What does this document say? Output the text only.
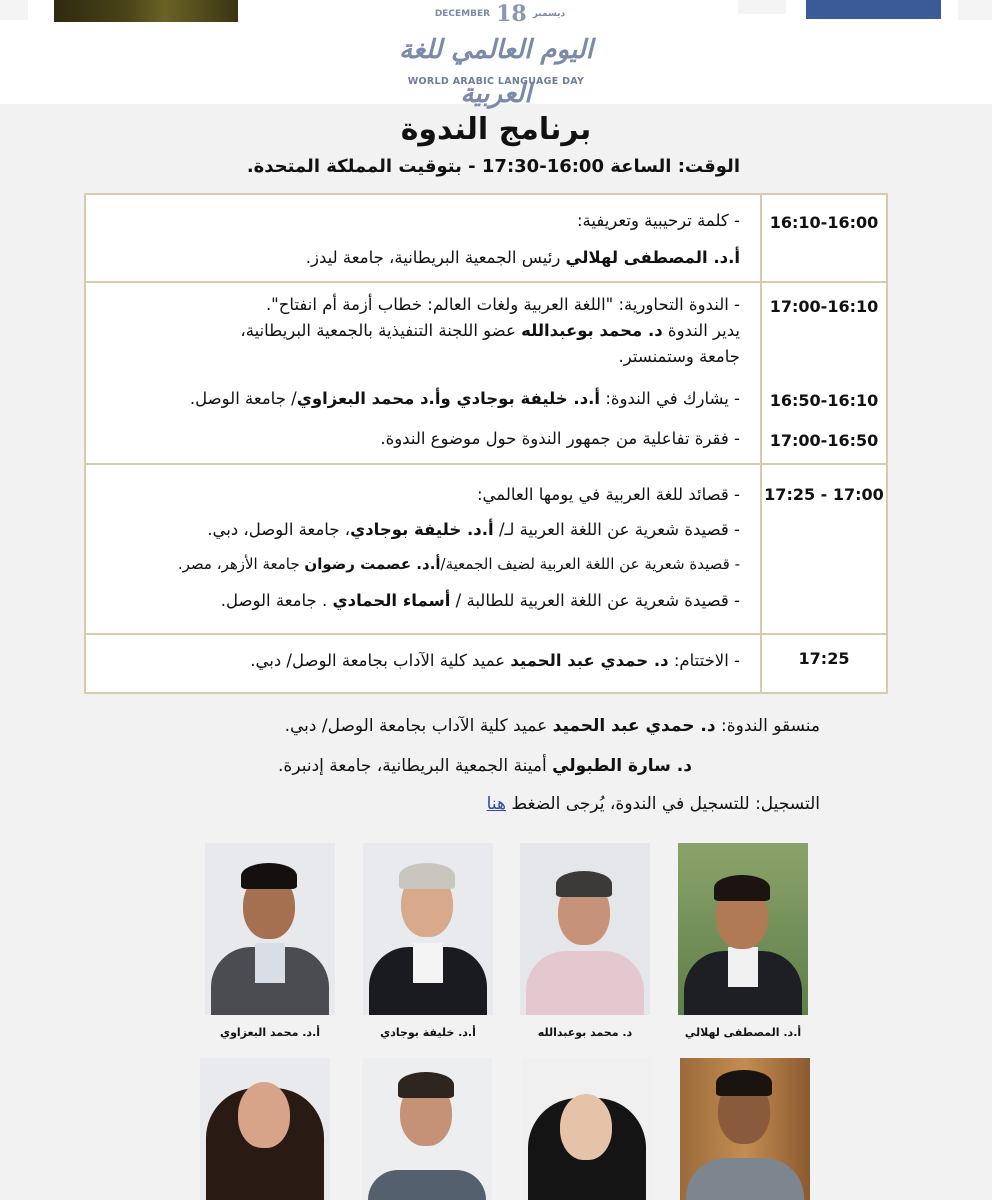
DECEMBER 18 ديسمبر
اليوم العالمي للغة العربية
WORLD ARABIC LANGUAGE DAY
برنامج الندوة
الوقت: الساعة 16:00-17:30 - بتوقيت المملكة المتحدة.
16:10-16:00
- كلمة ترحيبية وتعريفية:
أ.د. المصطفى لهلالي رئيس الجمعية البريطانية، جامعة ليدز.
17:00-16:10
16:50-16:10
17:00-16:50
- الندوة التحاورية: "اللغة العربية ولغات العالم: خطاب أزمة أم انفتاح".
يدير الندوة د. محمد بوعبدالله عضو اللجنة التنفيذية بالجمعية البريطانية،
جامعة وستمنستر.
- يشارك في الندوة: أ.د. خليفة بوجادي وأ.د محمد البعزاوي/ جامعة الوصل.
- فقرة تفاعلية من جمهور الندوة حول موضوع الندوة.
17:25 - 17:00
- قصائد للغة العربية في يومها العالمي:
- قصيدة شعرية عن اللغة العربية لـ/ أ.د. خليفة بوجادي، جامعة الوصل، دبي.
- قصيدة شعرية عن اللغة العربية لضيف الجمعية/أ.د. عصمت رضوان جامعة الأزهر، مصر.
- قصيدة شعرية عن اللغة العربية للطالبة / أسماء الحمادي . جامعة الوصل.
17:25
- الاختتام: د. حمدي عبد الحميد عميد كلية الآداب بجامعة الوصل/ دبي.
منسقو الندوة: د. حمدي عبد الحميد عميد كلية الآداب بجامعة الوصل/ دبي.
د. سارة الطبولي أمينة الجمعية البريطانية، جامعة إدنبرة.
التسجيل: للتسجيل في الندوة، يُرجى الضغط هنا
أ.د. المصطفى لهلالي
د. محمد بوعبدالله
أ.د. خليفة بوجادي
أ.د. محمد البعزاوي
